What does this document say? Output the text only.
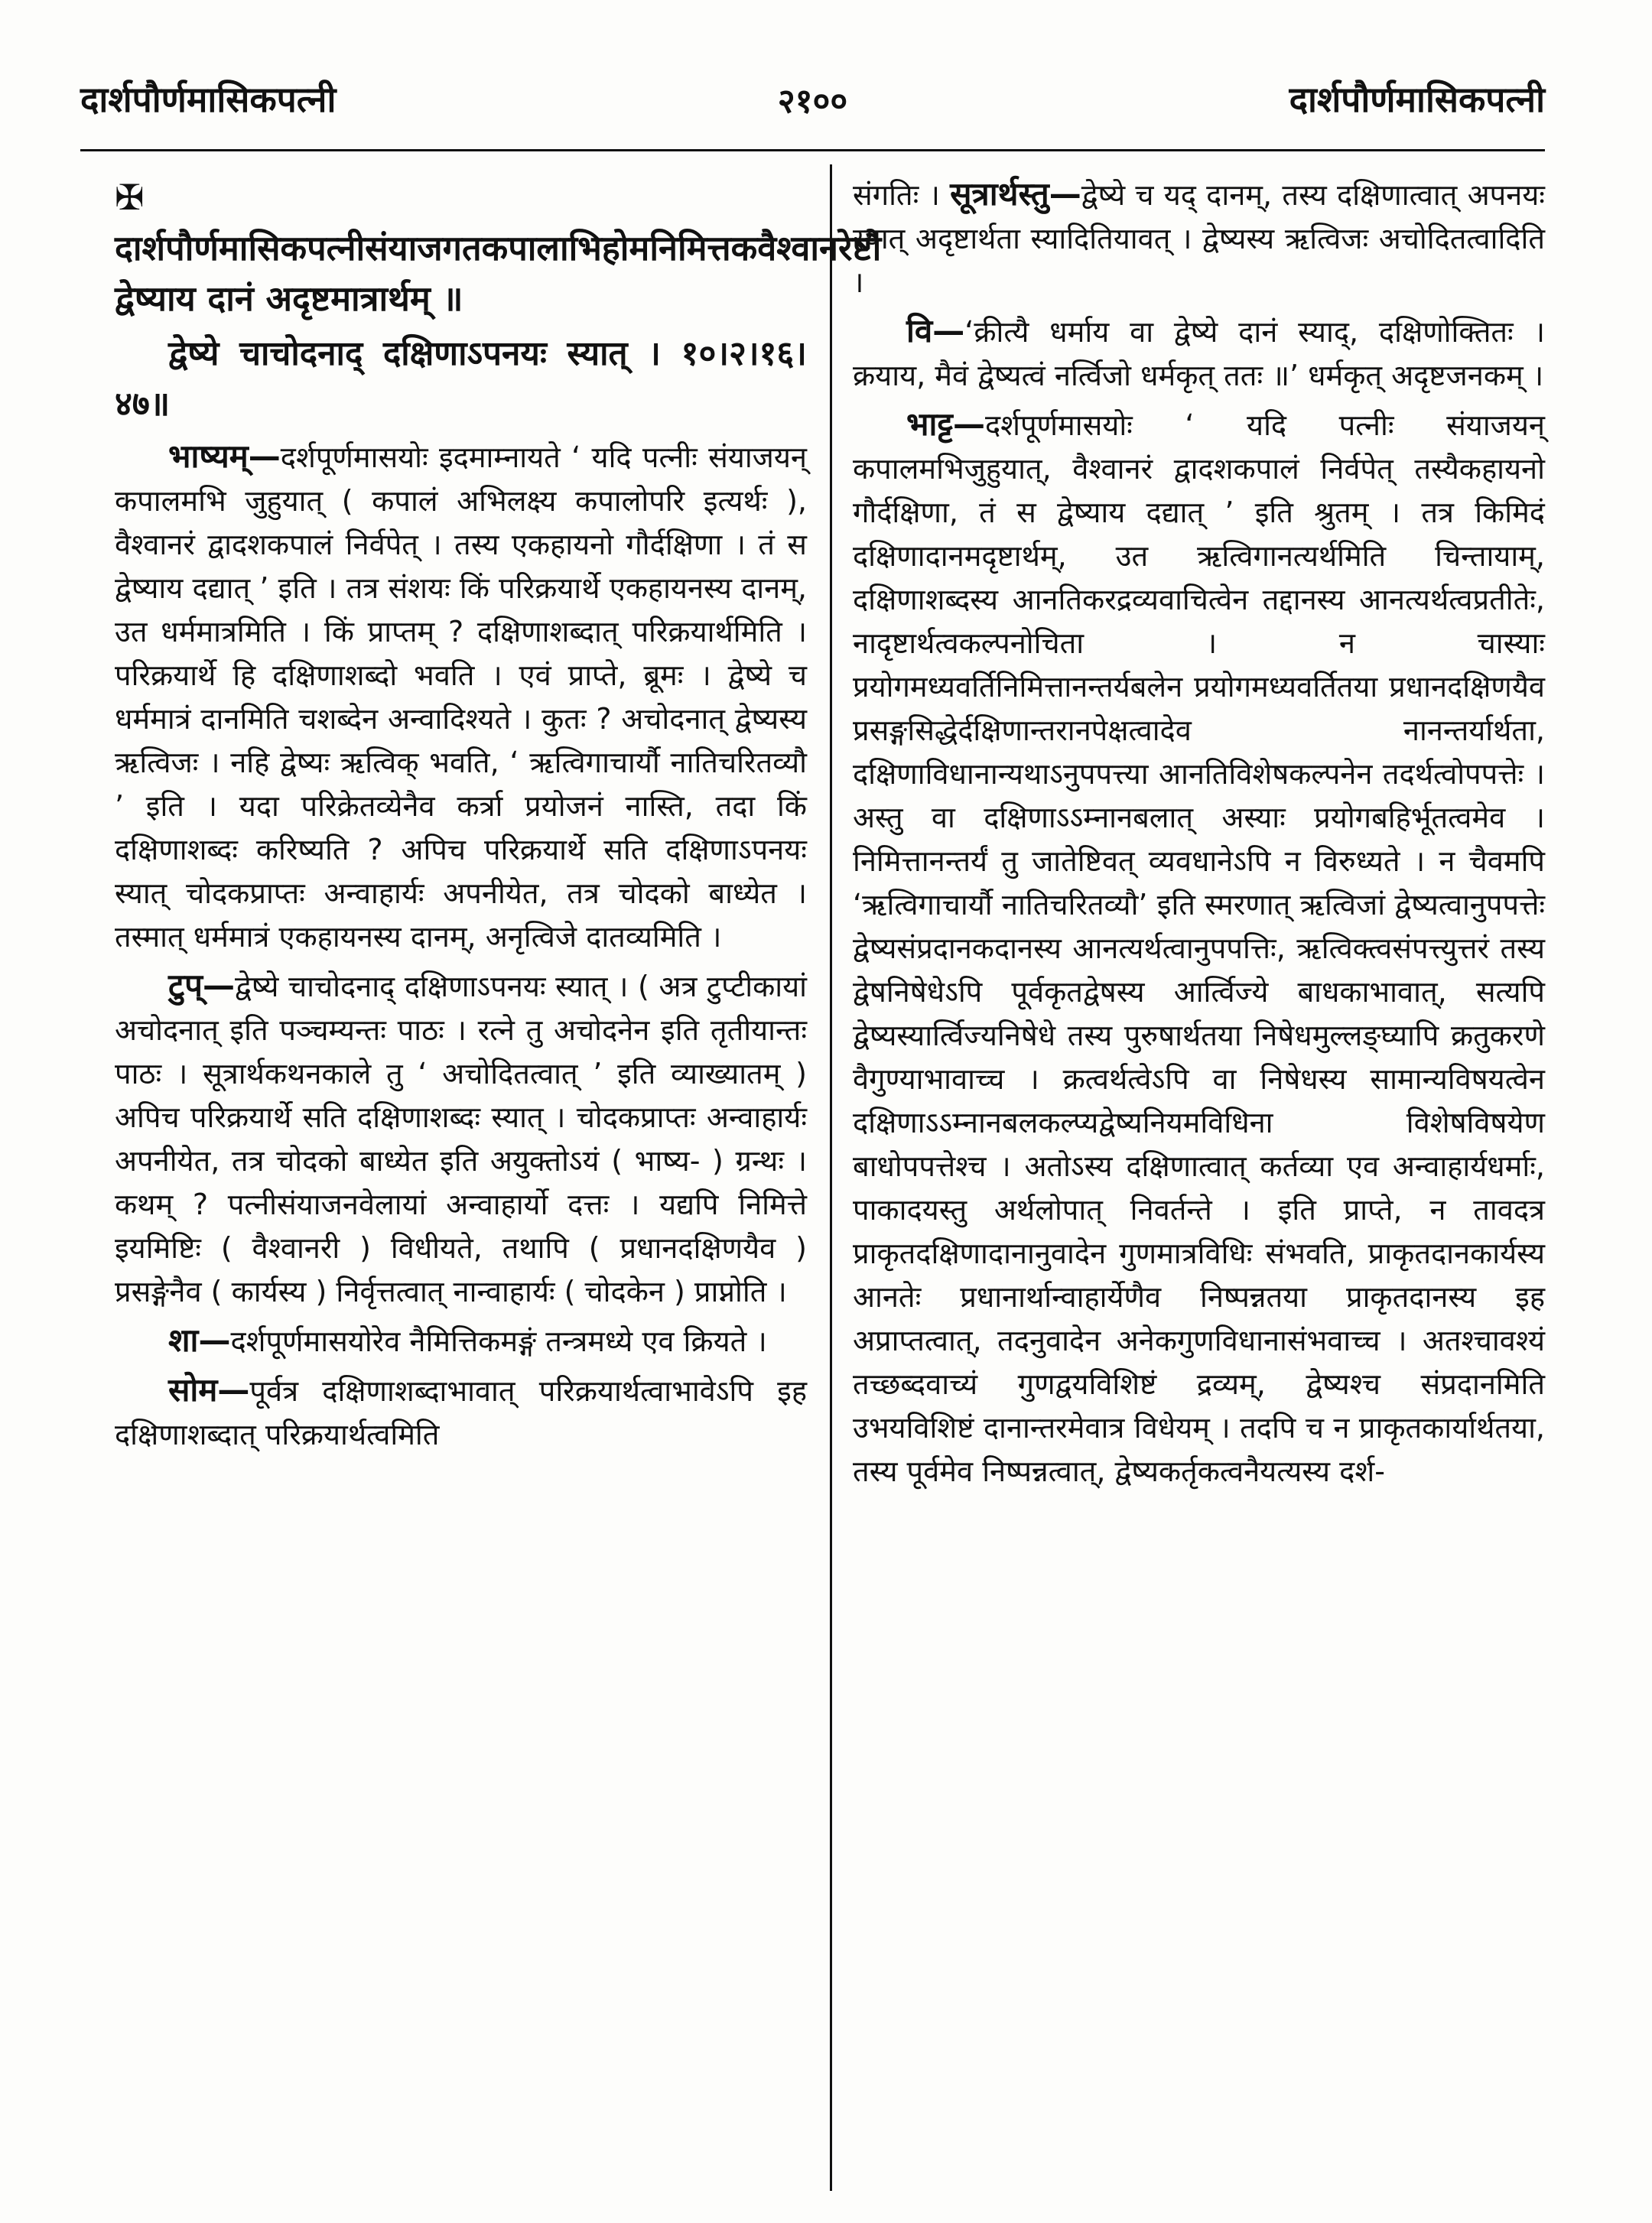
दार्शपौर्णमासिकपत्नी	२१००	दार्शपौर्णमासिकपत्नी

✠दार्शपौर्णमासिकपत्नीसंयाजगतकपालाभिहोमनिमित्तकवैश्वानरेष्टौ द्वेष्याय दानं अदृष्टमात्रार्थम् ॥

द्वेष्ये चाचोदनाद् दक्षिणाऽपनयः स्यात् । १०।२।१६।४७॥

भाष्यम्—दर्शपूर्णमासयोः इदमाम्नायते ‘ यदि पत्नीः संयाजयन् कपालमभि जुहुयात् ( कपालं अभिलक्ष्य कपालोपरि इत्यर्थः ), वैश्वानरं द्वादशकपालं निर्वपेत् । तस्य एकहायनो गौर्दक्षिणा । तं स द्वेष्याय दद्यात् ’ इति । तत्र संशयः किं परिक्रयार्थे एकहायनस्य दानम्, उत धर्ममात्रमिति । किं प्राप्तम् ? दक्षिणाशब्दात् परिक्रयार्थमिति । परिक्रयार्थे हि दक्षिणाशब्दो भवति । एवं प्राप्ते, ब्रूमः । द्वेष्ये च धर्ममात्रं दानमिति चशब्देन अन्वादिश्यते । कुतः ? अचोदनात् द्वेष्यस्य ऋत्विजः । नहि द्वेष्यः ऋत्विक् भवति, ‘ ऋत्विगाचार्यौ नातिचरितव्यौ ’ इति । यदा परिक्रेतव्येनैव कर्त्रा प्रयोजनं नास्ति, तदा किं दक्षिणाशब्दः करिष्यति ? अपिच परिक्रयार्थे सति दक्षिणाऽपनयः स्यात् चोदकप्राप्तः अन्वाहार्यः अपनीयेत, तत्र चोदको बाध्येत । तस्मात् धर्ममात्रं एकहायनस्य दानम्, अनृत्विजे दातव्यमिति ।

टुप्—द्वेष्ये चाचोदनाद् दक्षिणाऽपनयः स्यात् । ( अत्र टुप्टीकायां अचोदनात् इति पञ्चम्यन्तः पाठः । रत्ने तु अचोदनेन इति तृतीयान्तः पाठः । सूत्रार्थकथनकाले तु ‘ अचोदितत्वात् ’ इति व्याख्यातम् ) अपिच परिक्रयार्थे सति दक्षिणाशब्दः स्यात् । चोदकप्राप्तः अन्वाहार्यः अपनीयेत, तत्र चोदको बाध्येत इति अयुक्तोऽयं ( भाष्य- ) ग्रन्थः । कथम् ? पत्नीसंयाजनवेलायां अन्वाहार्यो दत्तः । यद्यपि निमित्ते इयमिष्टिः ( वैश्वानरी ) विधीयते, तथापि ( प्रधानदक्षिणयैव ) प्रसङ्गेनैव ( कार्यस्य ) निर्वृत्तत्वात् नान्वाहार्यः ( चोदकेन ) प्राप्नोति ।

शा—दर्शपूर्णमासयोरेव नैमित्तिकमङ्गं तन्त्रमध्ये एव क्रियते ।

सोम—पूर्वत्र दक्षिणाशब्दाभावात् परिक्रयार्थत्वाभावेऽपि इह दक्षिणाशब्दात् परिक्रयार्थत्वमिति

संगतिः । सूत्रार्थस्तु—द्वेष्ये च यद् दानम्, तस्य दक्षिणात्वात् अपनयः स्यात् अदृष्टार्थता स्यादितियावत् । द्वेष्यस्य ऋत्विजः अचोदितत्वादिति ।

वि—‘क्रीत्यै धर्माय वा द्वेष्ये दानं स्याद्, दक्षिणोक्तितः । क्रयाय, मैवं द्वेष्यत्वं नर्त्विजो धर्मकृत् ततः ॥’ धर्मकृत् अदृष्टजनकम् ।

भाट्ट—दर्शपूर्णमासयोः ‘ यदि पत्नीः संयाजयन् कपालमभिजुहुयात्, वैश्वानरं द्वादशकपालं निर्वपेत् तस्यैकहायनो गौर्दक्षिणा, तं स द्वेष्याय दद्यात् ’ इति श्रुतम् । तत्र किमिदं दक्षिणादानमदृष्टार्थम्, उत ऋत्विगानत्यर्थमिति चिन्तायाम्, दक्षिणाशब्दस्य आनतिकरद्रव्यवाचित्वेन तद्दानस्य आनत्यर्थत्वप्रतीतेः, नादृष्टार्थत्वकल्पनोचिता । न चास्याः प्रयोगमध्यवर्तिनिमित्तानन्तर्यबलेन प्रयोगमध्यवर्तितया प्रधानदक्षिणयैव प्रसङ्गसिद्धेर्दक्षिणान्तरानपेक्षत्वादेव नानन्तर्यार्थता, दक्षिणाविधानान्यथाऽनुपपत्त्या आनतिविशेषकल्पनेन तदर्थत्वोपपत्तेः । अस्तु वा दक्षिणाऽऽम्नानबलात् अस्याः प्रयोगबहिर्भूतत्वमेव । निमित्तानन्तर्यं तु जातेष्टिवत् व्यवधानेऽपि न विरुध्यते । न चैवमपि ‘ऋत्विगाचार्यौ नातिचरितव्यौ’ इति स्मरणात् ऋत्विजां द्वेष्यत्वानुपपत्तेः द्वेष्यसंप्रदानकदानस्य आनत्यर्थत्वानुपपत्तिः, ऋत्विक्त्वसंपत्त्युत्तरं तस्य द्वेषनिषेधेऽपि पूर्वकृतद्वेषस्य आर्त्विज्ये बाधकाभावात्, सत्यपि द्वेष्यस्यार्त्विज्यनिषेधे तस्य पुरुषार्थतया निषेधमुल्लङ्घ्यापि क्रतुकरणे वैगुण्याभावाच्च । क्रत्वर्थत्वेऽपि वा निषेधस्य सामान्यविषयत्वेन दक्षिणाऽऽम्नानबलकल्प्यद्वेष्यनियमविधिना विशेषविषयेण बाधोपपत्तेश्च । अतोऽस्य दक्षिणात्वात् कर्तव्या एव अन्वाहार्यधर्माः, पाकादयस्तु अर्थलोपात् निवर्तन्ते । इति प्राप्ते, न तावदत्र प्राकृतदक्षिणादानानुवादेन गुणमात्रविधिः संभवति, प्राकृतदानकार्यस्य आनतेः प्रधानार्थान्वाहार्येणैव निष्पन्नतया प्राकृतदानस्य इह अप्राप्तत्वात्, तदनुवादेन अनेकगुणविधानासंभवाच्च । अतश्चावश्यं तच्छब्दवाच्यं गुणद्वयविशिष्टं द्रव्यम्, द्वेष्यश्च संप्रदानमिति उभयविशिष्टं दानान्तरमेवात्र विधेयम् । तदपि च न प्राकृतकार्यार्थतया, तस्य पूर्वमेव निष्पन्नत्वात्, द्वेष्यकर्तृकत्वनैयत्यस्य दर्श-
